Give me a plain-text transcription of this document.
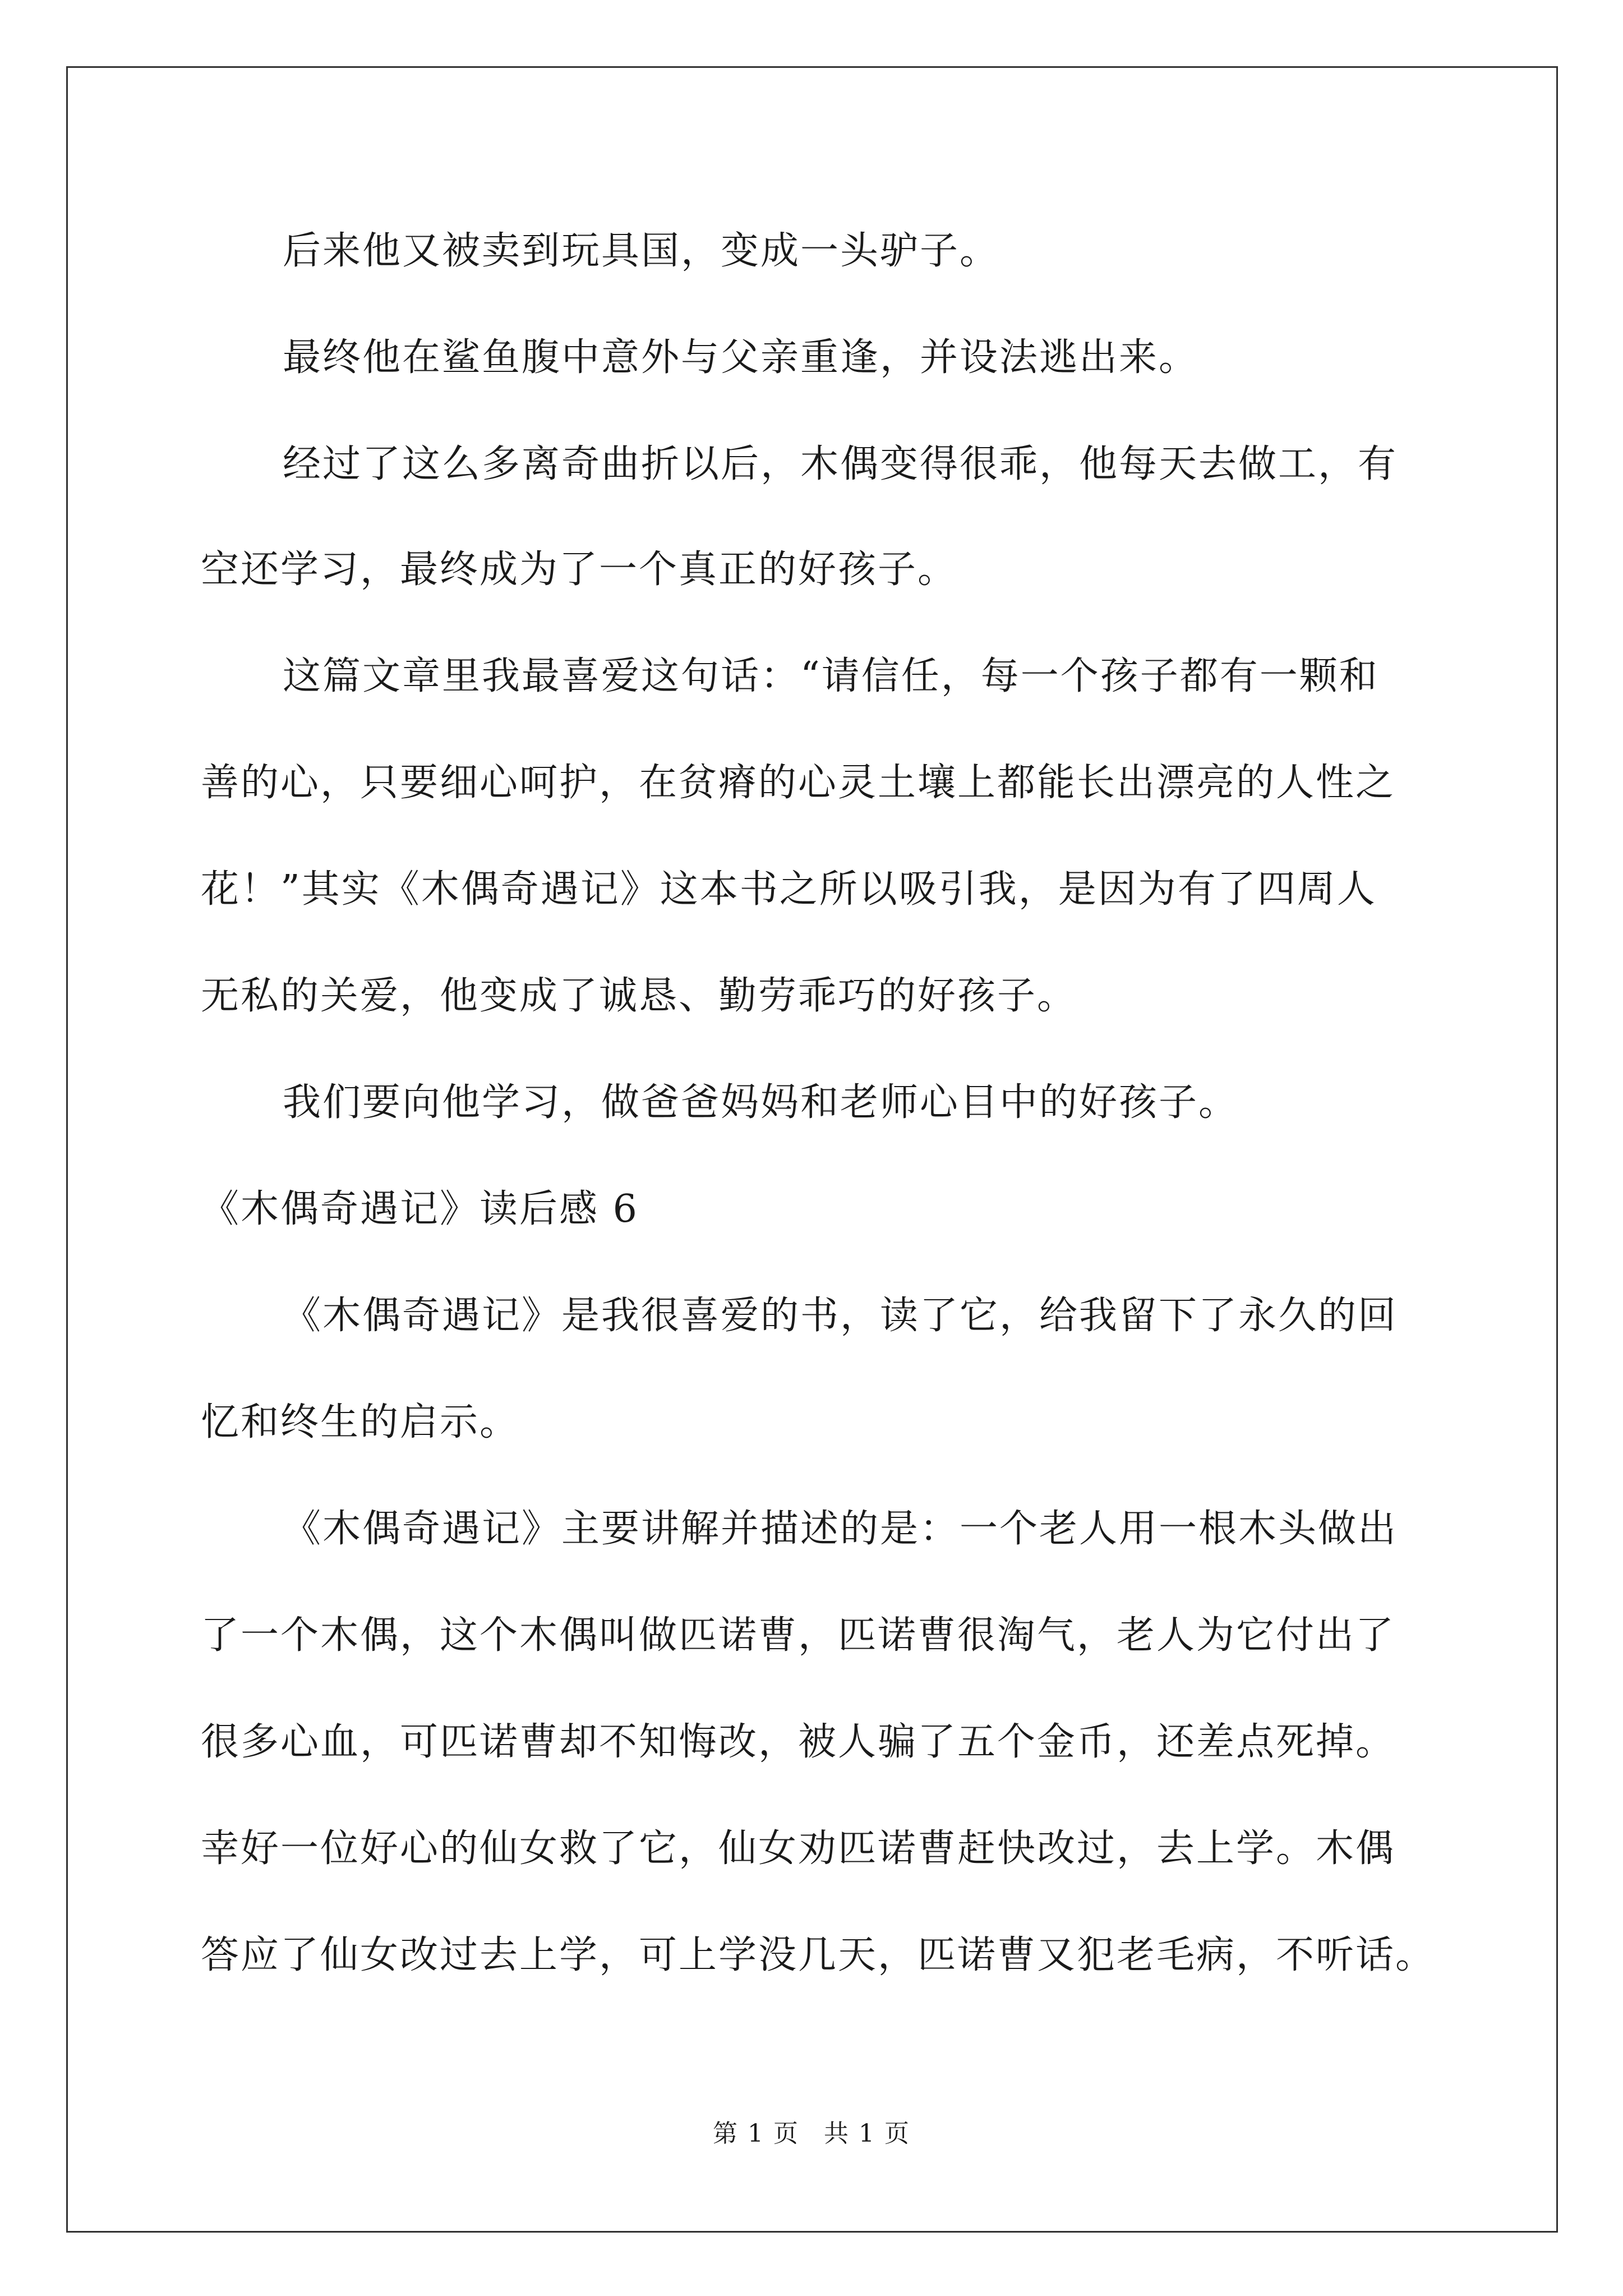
后来他又被卖到玩具国，变成一头驴子。
最终他在鲨鱼腹中意外与父亲重逢，并设法逃出来。
经过了这么多离奇曲折以后，木偶变得很乖，他每天去做工，有
空还学习，最终成为了一个真正的好孩子。
这篇文章里我最喜爱这句话：“请信任，每一个孩子都有一颗和
善的心，只要细心呵护，在贫瘠的心灵土壤上都能长出漂亮的人性之
花！”其实《木偶奇遇记》这本书之所以吸引我，是因为有了四周人
无私的关爱，他变成了诚恳、勤劳乖巧的好孩子。
我们要向他学习，做爸爸妈妈和老师心目中的好孩子。
《木偶奇遇记》读后感 6
《木偶奇遇记》是我很喜爱的书，读了它，给我留下了永久的回
忆和终生的启示。
《木偶奇遇记》主要讲解并描述的是：一个老人用一根木头做出
了一个木偶，这个木偶叫做匹诺曹，匹诺曹很淘气，老人为它付出了
很多心血，可匹诺曹却不知悔改，被人骗了五个金币，还差点死掉。
幸好一位好心的仙女救了它，仙女劝匹诺曹赶快改过，去上学。木偶
答应了仙女改过去上学，可上学没几天，匹诺曹又犯老毛病，不听话。
第 1 页 共 1 页
